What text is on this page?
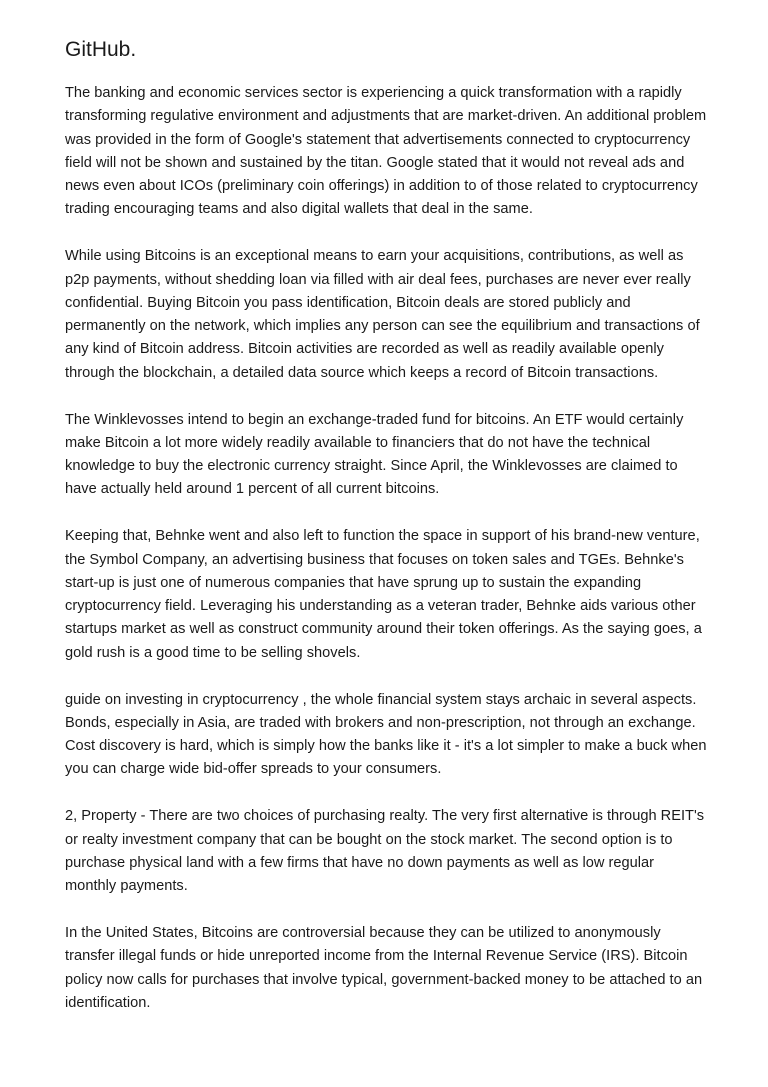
GitHub.

The banking and economic services sector is experiencing a quick transformation with a rapidly transforming regulative environment and adjustments that are market-driven. An additional problem was provided in the form of Google's statement that advertisements connected to cryptocurrency field will not be shown and sustained by the titan. Google stated that it would not reveal ads and news even about ICOs (preliminary coin offerings) in addition to of those related to cryptocurrency trading encouraging teams and also digital wallets that deal in the same.

While using Bitcoins is an exceptional means to earn your acquisitions, contributions, as well as p2p payments, without shedding loan via filled with air deal fees, purchases are never ever really confidential. Buying Bitcoin you pass identification, Bitcoin deals are stored publicly and permanently on the network, which implies any person can see the equilibrium and transactions of any kind of Bitcoin address. Bitcoin activities are recorded as well as readily available openly through the blockchain, a detailed data source which keeps a record of Bitcoin transactions.

The Winklevosses intend to begin an exchange-traded fund for bitcoins. An ETF would certainly make Bitcoin a lot more widely readily available to financiers that do not have the technical knowledge to buy the electronic currency straight. Since April, the Winklevosses are claimed to have actually held around 1 percent of all current bitcoins.

Keeping that, Behnke went and also left to function the space in support of his brand-new venture, the Symbol Company, an advertising business that focuses on token sales and TGEs. Behnke's start-up is just one of numerous companies that have sprung up to sustain the expanding cryptocurrency field. Leveraging his understanding as a veteran trader, Behnke aids various other startups market as well as construct community around their token offerings. As the saying goes, a gold rush is a good time to be selling shovels.

guide on investing in cryptocurrency , the whole financial system stays archaic in several aspects. Bonds, especially in Asia, are traded with brokers and non-prescription, not through an exchange. Cost discovery is hard, which is simply how the banks like it - it's a lot simpler to make a buck when you can charge wide bid-offer spreads to your consumers.

2, Property - There are two choices of purchasing realty. The very first alternative is through REIT's or realty investment company that can be bought on the stock market. The second option is to purchase physical land with a few firms that have no down payments as well as low regular monthly payments.

In the United States, Bitcoins are controversial because they can be utilized to anonymously transfer illegal funds or hide unreported income from the Internal Revenue Service (IRS). Bitcoin policy now calls for purchases that involve typical, government-backed money to be attached to an identification.
